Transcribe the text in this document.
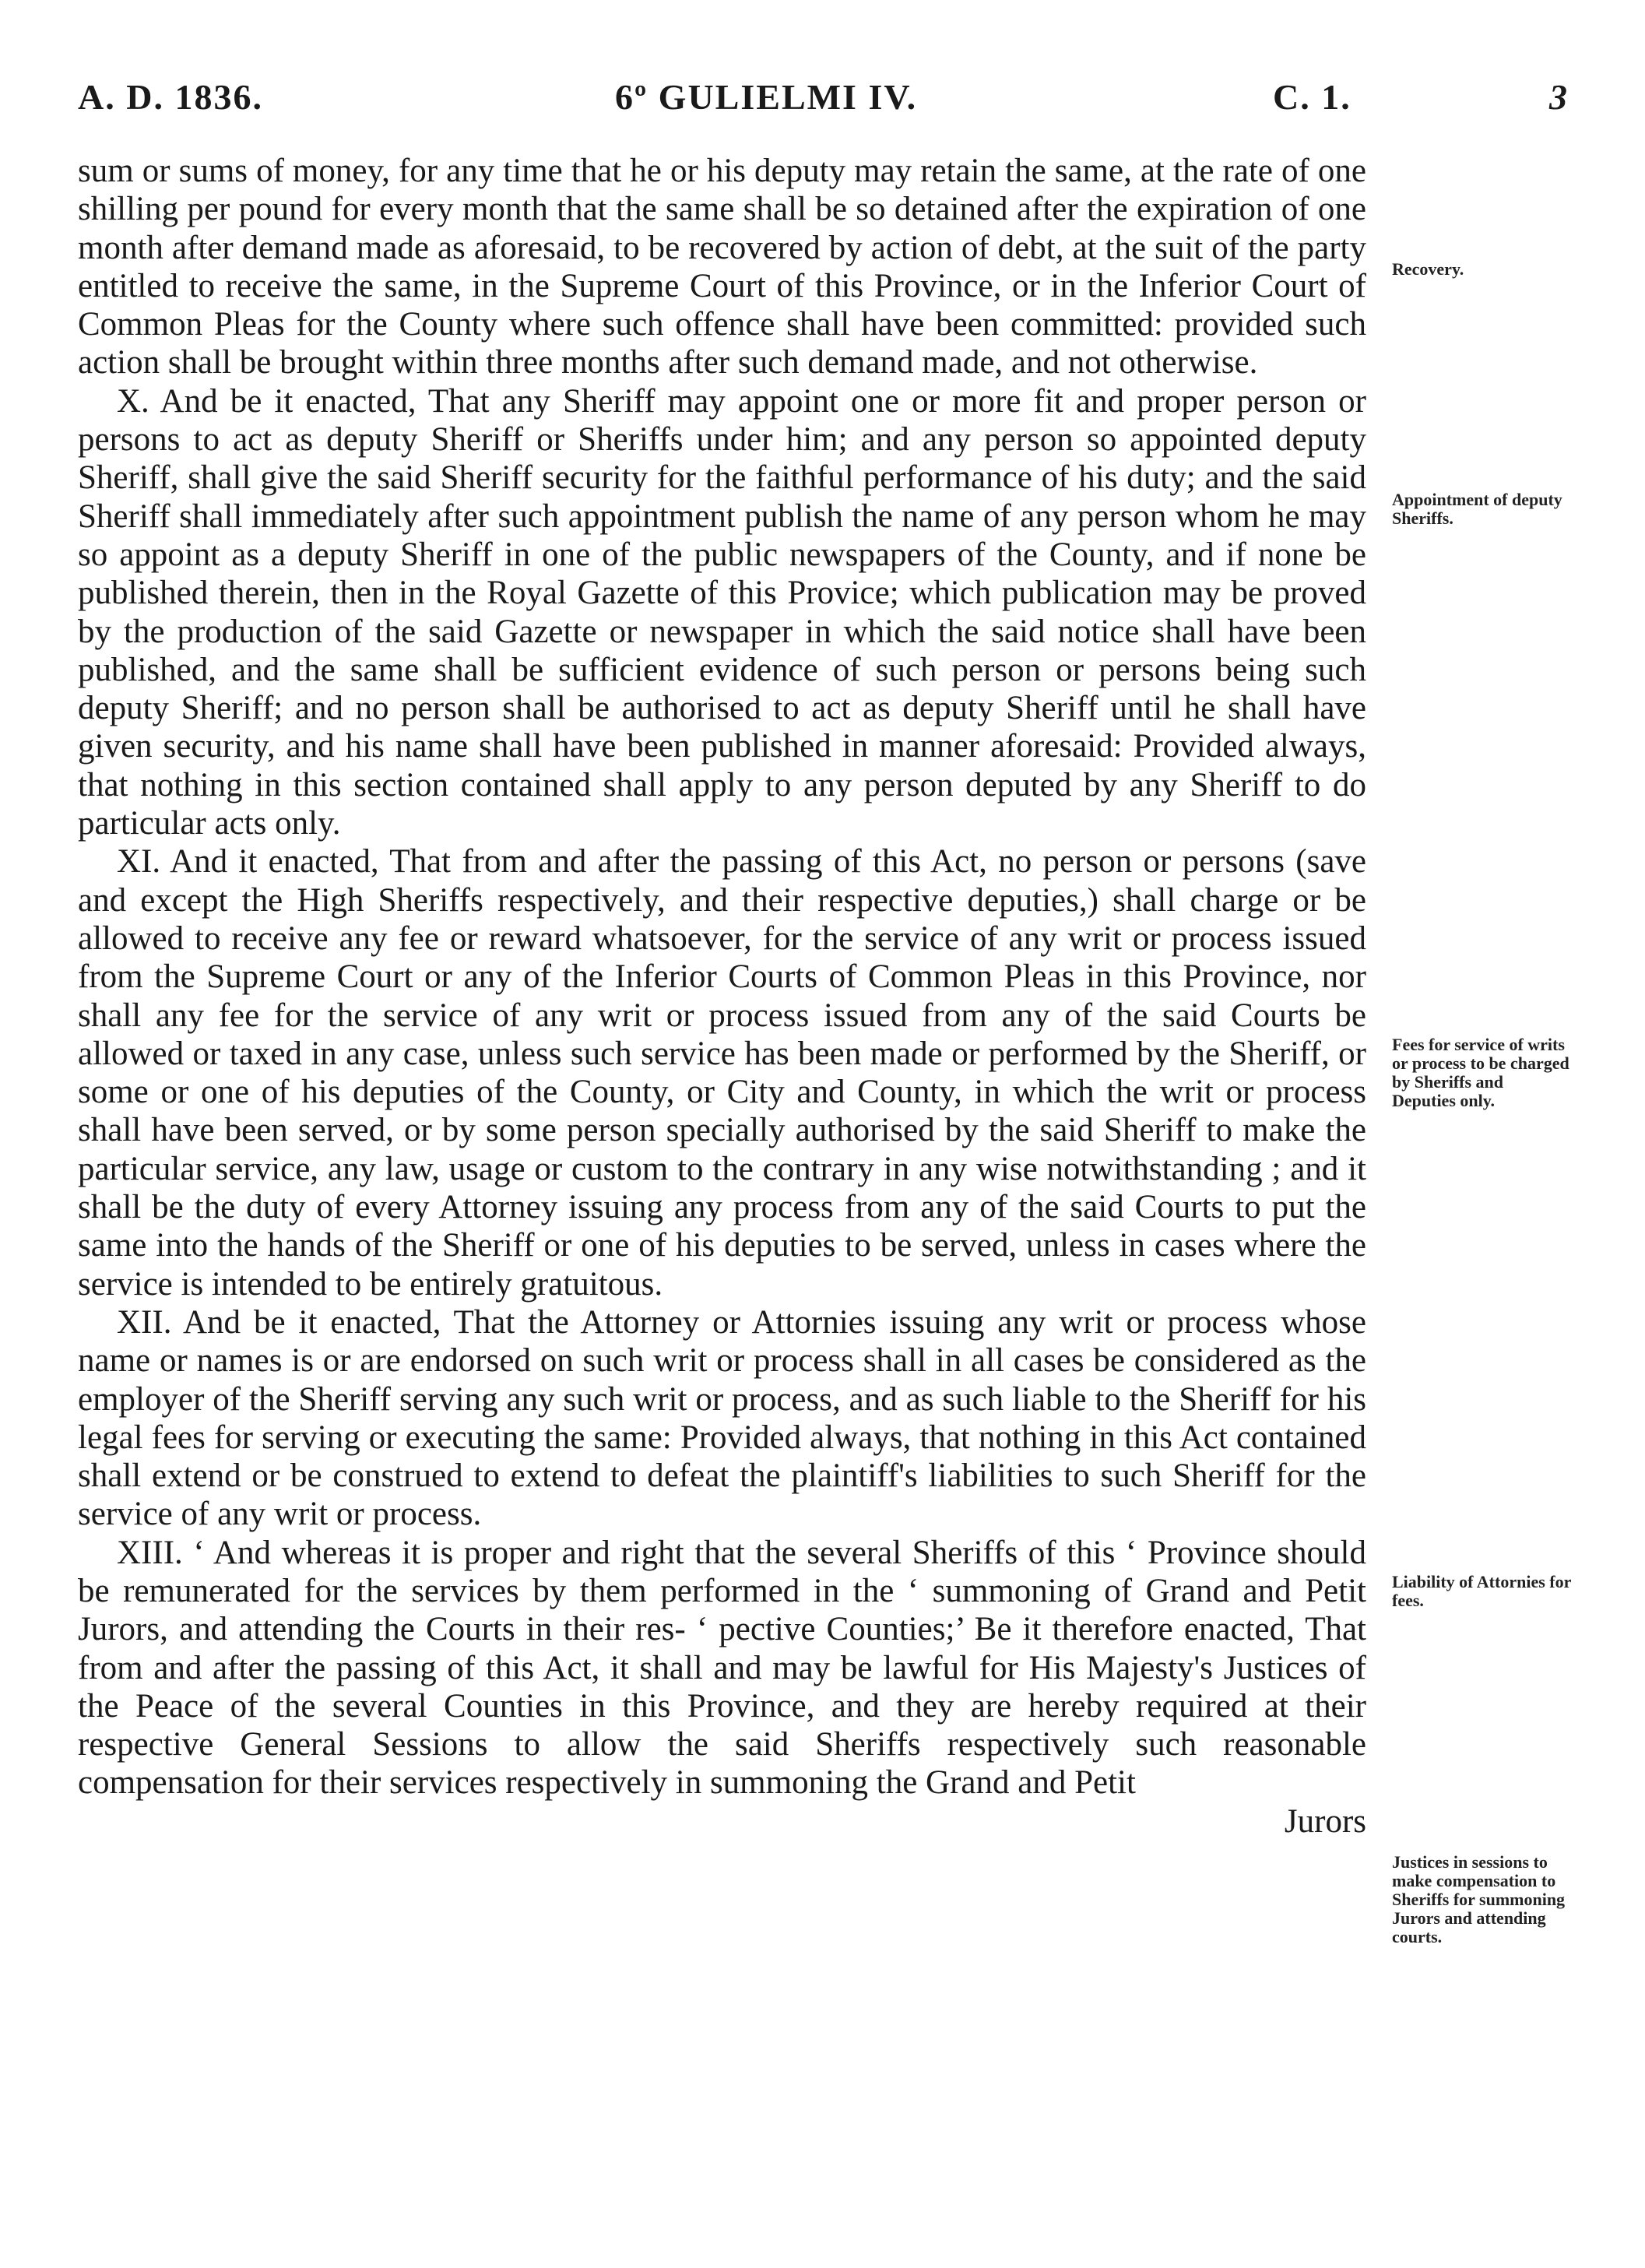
A. D. 1836.	6º GULIELMI IV.	C. 1.	3

sum or sums of money, for any time that he or his deputy may retain the same, at the rate of one shilling per pound for every month that the same shall be so detained after the expiration of one month after demand made as aforesaid, to be recovered by action of debt, at the suit of the party entitled to receive the same, in the Supreme Court of this Province, or in the Inferior Court of Common Pleas for the County where such offence shall have been committed: provided such action shall be brought within three months after such demand made, and not otherwise.

X. And be it enacted, That any Sheriff may appoint one or more fit and proper person or persons to act as deputy Sheriff or Sheriffs under him; and any person so appointed deputy Sheriff, shall give the said Sheriff security for the faithful performance of his duty; and the said Sheriff shall immediately after such appointment publish the name of any person whom he may so appoint as a deputy Sheriff in one of the public newspapers of the County, and if none be published therein, then in the Royal Gazette of this Provice; which publication may be proved by the production of the said Gazette or newspaper in which the said notice shall have been published, and the same shall be sufficient evidence of such person or persons being such deputy Sheriff; and no person shall be authorised to act as deputy Sheriff until he shall have given security, and his name shall have been published in manner aforesaid: Provided always, that nothing in this section contained shall apply to any person deputed by any Sheriff to do particular acts only.

XI. And it enacted, That from and after the passing of this Act, no person or persons (save and except the High Sheriffs respectively, and their respective deputies,) shall charge or be allowed to receive any fee or reward whatsoever, for the service of any writ or process issued from the Supreme Court or any of the Inferior Courts of Common Pleas in this Province, nor shall any fee for the service of any writ or process issued from any of the said Courts be allowed or taxed in any case, unless such service has been made or performed by the Sheriff, or some or one of his deputies of the County, or City and County, in which the writ or process shall have been served, or by some person specially authorised by the said Sheriff to make the particular service, any law, usage or custom to the contrary in any wise notwithstanding ; and it shall be the duty of every Attorney issuing any process from any of the said Courts to put the same into the hands of the Sheriff or one of his deputies to be served, unless in cases where the service is intended to be entirely gratuitous.

XII. And be it enacted, That the Attorney or Attornies issuing any writ or process whose name or names is or are endorsed on such writ or process shall in all cases be considered as the employer of the Sheriff serving any such writ or process, and as such liable to the Sheriff for his legal fees for serving or executing the same: Provided always, that nothing in this Act contained shall extend or be construed to extend to defeat the plaintiff's liabilities to such Sheriff for the service of any writ or process.

XIII. ‘ And whereas it is proper and right that the several Sheriffs of this ‘ Province should be remunerated for the services by them performed in the ‘ summoning of Grand and Petit Jurors, and attending the Courts in their res- ‘ pective Counties;’ Be it therefore enacted, That from and after the passing of this Act, it shall and may be lawful for His Majesty's Justices of the Peace of the several Counties in this Province, and they are hereby required at their respective General Sessions to allow the said Sheriffs respectively such reasonable compensation for their services respectively in summoning the Grand and Petit

Jurors

Recovery.
Appointment of deputy Sheriffs.
Fees for service of writs or process to be charged by Sheriffs and Deputies only.
Liability of Attornies for fees.
Justices in sessions to make compensation to Sheriffs for summoning Jurors and attending courts.
